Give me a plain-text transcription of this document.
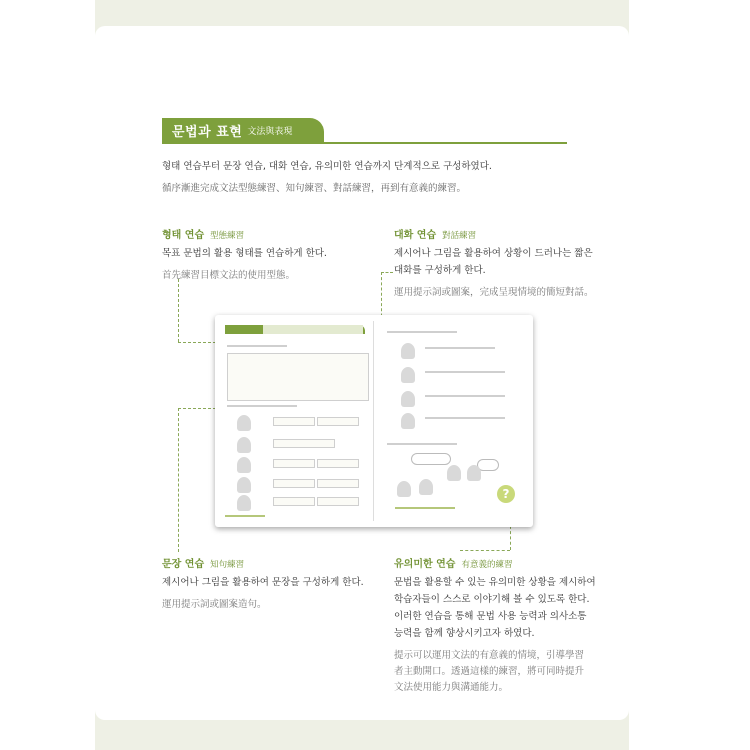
문법과 표현 文法與表現
형태 연습부터 문장 연습, 대화 연습, 유의미한 연습까지 단계적으로 구성하였다.
循序漸進完成文法型態練習、知句練習、對話練習，再到有意義的練習。
형태 연습 型態練習
목표 문법의 활용 형태를 연습하게 한다.
首先練習目標文法的使用型態。
대화 연습 對話練習
제시어나 그림을 활용하여 상황이 드러나는 짧은
대화를 구성하게 한다.
運用提示詞或圖案，完成呈現情境的簡短對話。
문장 연습 知句練習
제시어나 그림을 활용하여 문장을 구성하게 한다.
運用提示詞或圖案造句。
유의미한 연습 有意義的練習
문법을 활용할 수 있는 유의미한 상황을 제시하여
학습자들이 스스로 이야기해 볼 수 있도록 한다.
이러한 연습을 통해 문법 사용 능력과 의사소통
능력을 함께 향상시키고자 하였다.
提示可以運用文法的有意義的情境，引導學習
者主動開口。透過這樣的練習，將可同時提升
文法使用能力與溝通能力。
?
